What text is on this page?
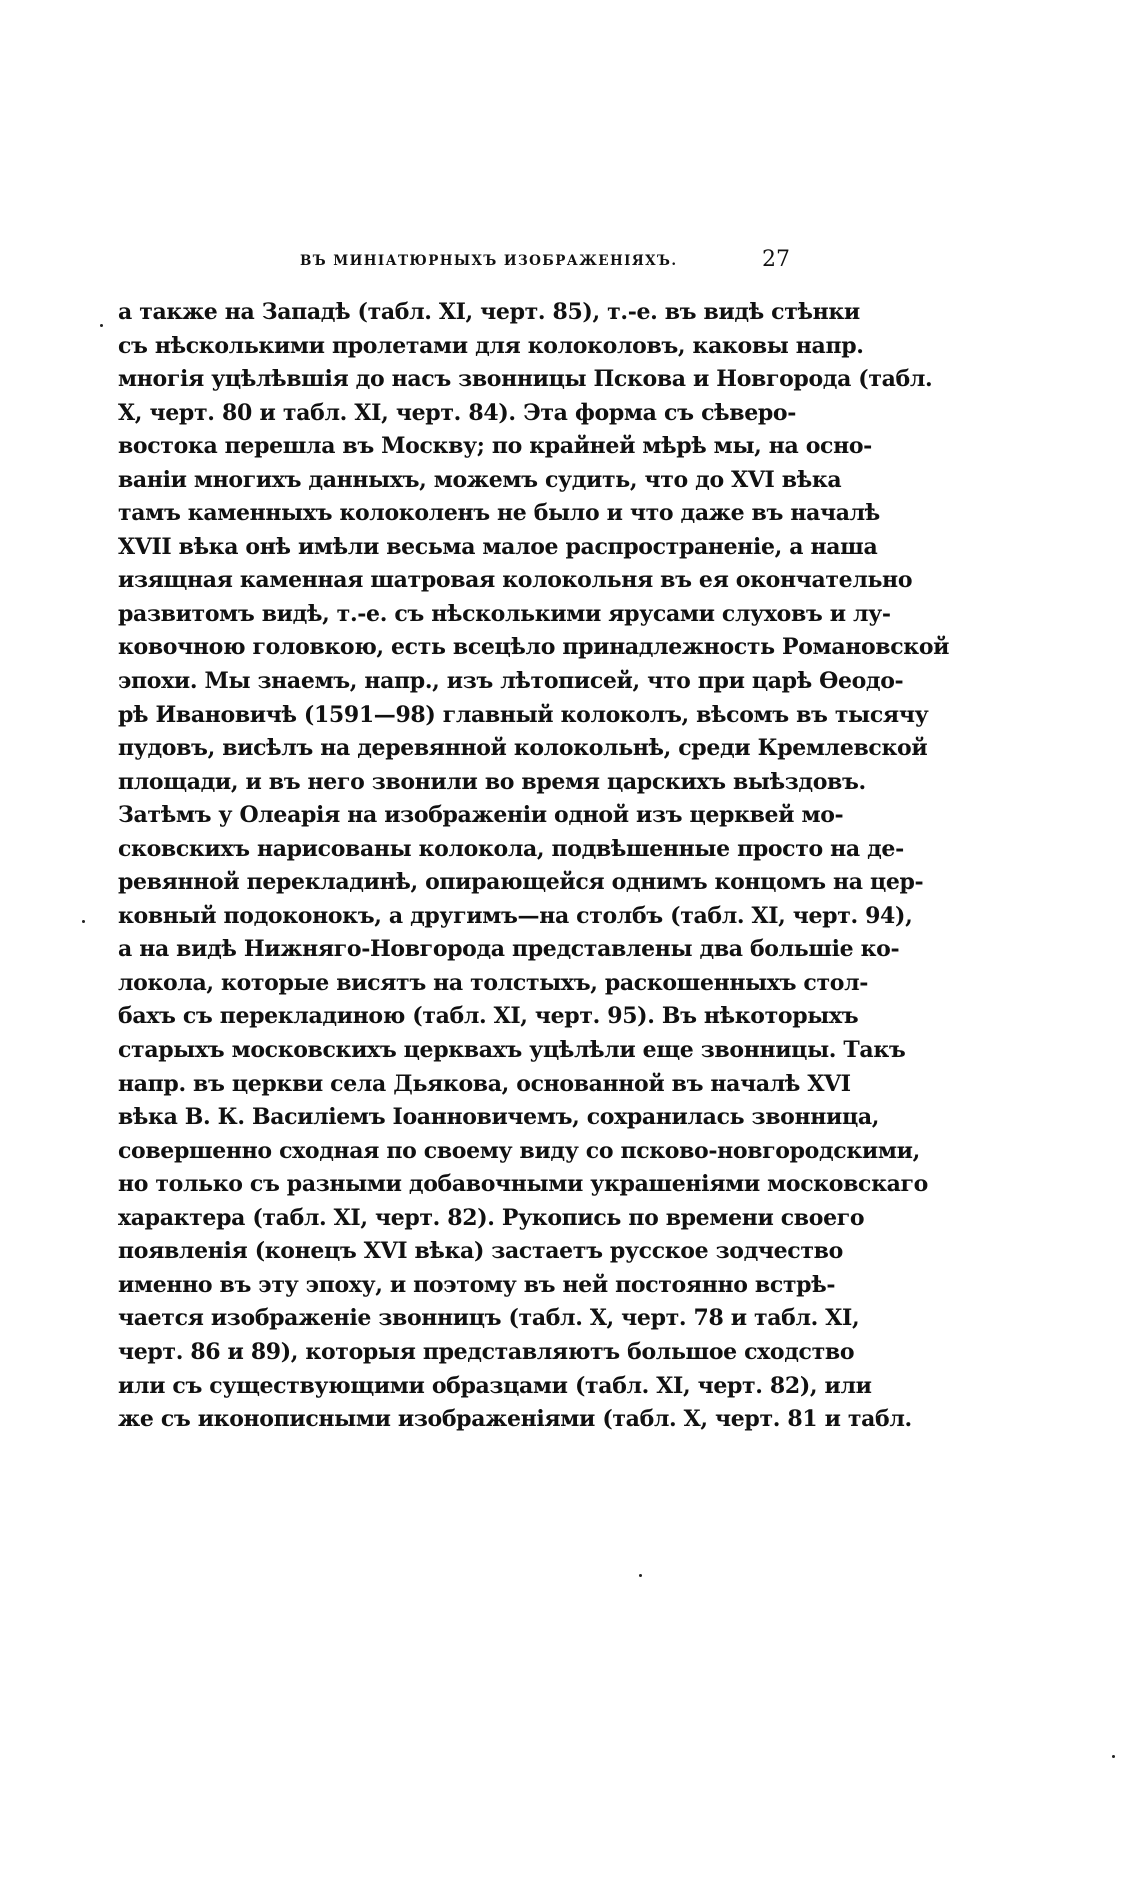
ВЪ МИНІАТЮРНЫХЪ ИЗОБРАЖЕНІЯХЪ.	27
а также на Западѣ (табл. XI, черт. 85), т.-е. въ видѣ стѣнки
съ нѣсколькими пролетами для колоколовъ, каковы напр.
многія уцѣлѣвшія до насъ звонницы Пскова и Новгорода (табл.
X, черт. 80 и табл. XI, черт. 84). Эта форма съ сѣверо-
востока перешла въ Москву; по крайней мѣрѣ мы, на осно-
ваніи многихъ данныхъ, можемъ судить, что до XVI вѣка
тамъ каменныхъ колоколенъ не было и что даже въ началѣ
XVII вѣка онѣ имѣли весьма малое распространеніе, а наша
изящная каменная шатровая колокольня въ ея окончательно
развитомъ видѣ, т.-е. съ нѣсколькими ярусами слуховъ и лу-
ковочною головкою, есть всецѣло принадлежность Романовской
эпохи. Мы знаемъ, напр., изъ лѣтописей, что при царѣ Ѳеодо-
рѣ Ивановичѣ (1591—98) главный колоколъ, вѣсомъ въ тысячу
пудовъ, висѣлъ на деревянной колокольнѣ, среди Кремлевской
площади, и въ него звонили во время царскихъ выѣздовъ.
Затѣмъ у Олеарія на изображеніи одной изъ церквей мо-
сковскихъ нарисованы колокола, подвѣшенные просто на де-
ревянной перекладинѣ, опирающейся однимъ концомъ на цер-
ковный подоконокъ, а другимъ—на столбъ (табл. XI, черт. 94),
а на видѣ Нижняго-Новгорода представлены два большіе ко-
локола, которые висятъ на толстыхъ, раскошенныхъ стол-
бахъ съ перекладиною (табл. XI, черт. 95). Въ нѣкоторыхъ
старыхъ московскихъ церквахъ уцѣлѣли еще звонницы. Такъ
напр. въ церкви села Дьякова, основанной въ началѣ XVI
вѣка В. К. Василіемъ Іоанновичемъ, сохранилась звонница,
совершенно сходная по своему виду со псково-новгородскими,
но только съ разными добавочными украшеніями московскаго
характера (табл. XI, черт. 82). Рукопись по времени своего
появленія (конецъ XVI вѣка) застаетъ русское зодчество
именно въ эту эпоху, и поэтому въ ней постоянно встрѣ-
чается изображеніе звонницъ (табл. X, черт. 78 и табл. XI,
черт. 86 и 89), которыя представляютъ большое сходство
или съ существующими образцами (табл. XI, черт. 82), или
же съ иконописными изображеніями (табл. X, черт. 81 и табл.
